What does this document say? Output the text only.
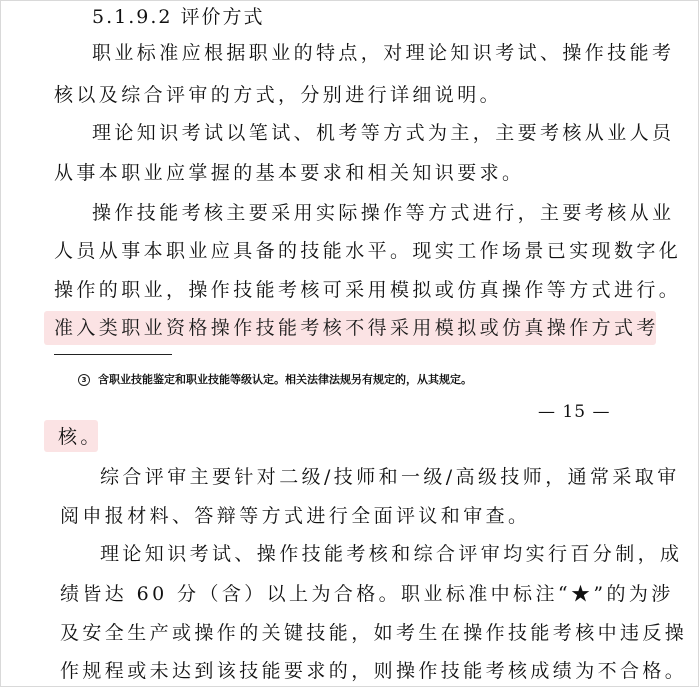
5.1.9.2 评价方式
职业标准应根据职业的特点，对理论知识考试、操作技能考
核以及综合评审的方式，分别进行详细说明。
理论知识考试以笔试、机考等方式为主，主要考核从业人员
从事本职业应掌握的基本要求和相关知识要求。
操作技能考核主要采用实际操作等方式进行，主要考核从业
人员从事本职业应具备的技能水平。现实工作场景已实现数字化
操作的职业，操作技能考核可采用模拟或仿真操作等方式进行。
准入类职业资格操作技能考核不得采用模拟或仿真操作方式考
3 含职业技能鉴定和职业技能等级认定。相关法律法规另有规定的，从其规定。
— 15 —
核。
综合评审主要针对二级/技师和一级/高级技师，通常采取审
阅申报材料、答辩等方式进行全面评议和审查。
理论知识考试、操作技能考核和综合评审均实行百分制，成
绩皆达 60 分（含）以上为合格。职业标准中标注“★”的为涉
及安全生产或操作的关键技能，如考生在操作技能考核中违反操
作规程或未达到该技能要求的，则操作技能考核成绩为不合格。
